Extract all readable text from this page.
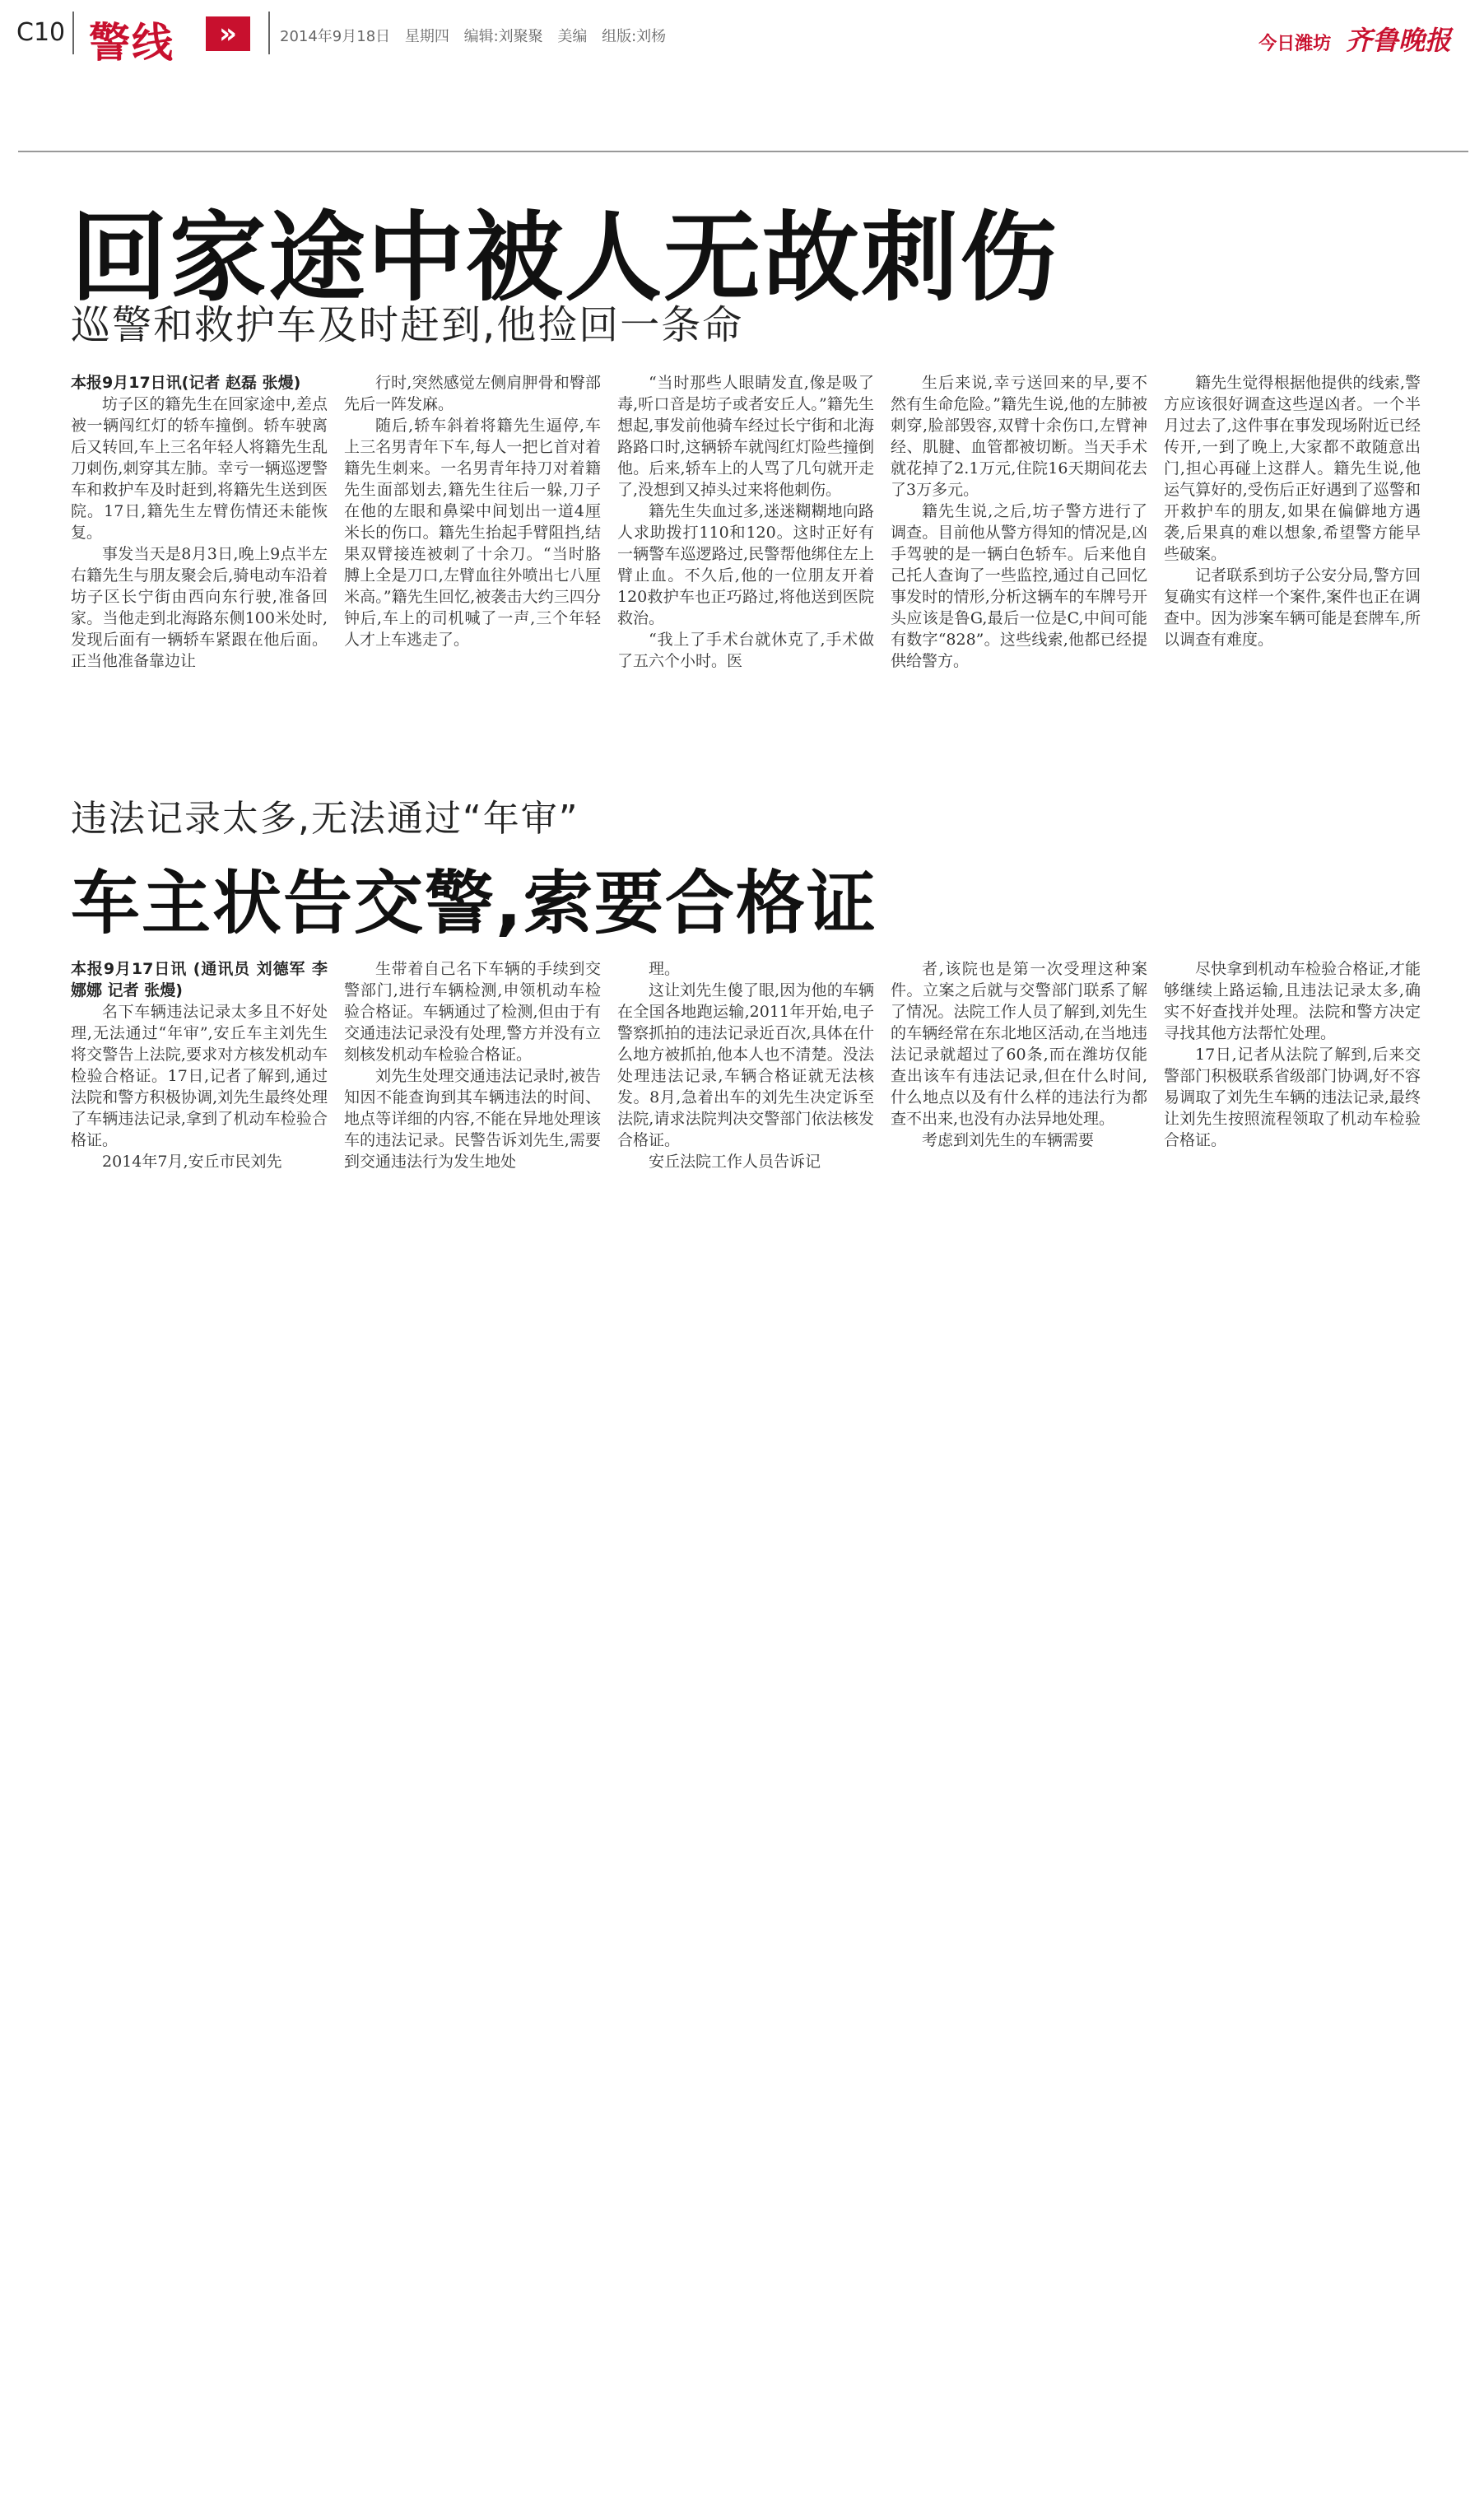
C10 警线	»	2014年9月18日 星期四 编辑:刘聚聚 美编 组版:刘杨	今日潍坊 齐鲁晚报
回家途中被人无故刺伤
巡警和救护车及时赶到,他捡回一条命
本报9月17日讯(记者 赵磊 张熳)

坊子区的籍先生在回家途中,差点被一辆闯红灯的轿车撞倒。轿车驶离后又转回,车上三名年轻人将籍先生乱刀刺伤,刺穿其左肺。幸亏一辆巡逻警车和救护车及时赶到,将籍先生送到医院。17日,籍先生左臂伤情还未能恢复。

事发当天是8月3日,晚上9点半左右籍先生与朋友聚会后,骑电动车沿着坊子区长宁街由西向东行驶,准备回家。当他走到北海路东侧100米处时,发现后面有一辆轿车紧跟在他后面。正当他准备靠边让

行时,突然感觉左侧肩胛骨和臀部先后一阵发麻。

随后,轿车斜着将籍先生逼停,车上三名男青年下车,每人一把匕首对着籍先生刺来。一名男青年持刀对着籍先生面部划去,籍先生往后一躲,刀子在他的左眼和鼻梁中间划出一道4厘米长的伤口。籍先生抬起手臂阻挡,结果双臂接连被刺了十余刀。“当时胳膊上全是刀口,左臂血往外喷出七八厘米高。”籍先生回忆,被袭击大约三四分钟后,车上的司机喊了一声,三个年轻人才上车逃走了。

“当时那些人眼睛发直,像是吸了毒,听口音是坊子或者安丘人。”籍先生想起,事发前他骑车经过长宁街和北海路路口时,这辆轿车就闯红灯险些撞倒他。后来,轿车上的人骂了几句就开走了,没想到又掉头过来将他刺伤。

籍先生失血过多,迷迷糊糊地向路人求助拨打110和120。这时正好有一辆警车巡逻路过,民警帮他绑住左上臂止血。不久后,他的一位朋友开着120救护车也正巧路过,将他送到医院救治。

“我上了手术台就休克了,手术做了五六个小时。医

生后来说,幸亏送回来的早,要不然有生命危险。”籍先生说,他的左肺被刺穿,脸部毁容,双臂十余伤口,左臂神经、肌腱、血管都被切断。当天手术就花掉了2.1万元,住院16天期间花去了3万多元。

籍先生说,之后,坊子警方进行了调查。目前他从警方得知的情况是,凶手驾驶的是一辆白色轿车。后来他自己托人查询了一些监控,通过自己回忆事发时的情形,分析这辆车的车牌号开头应该是鲁G,最后一位是C,中间可能有数字“828”。这些线索,他都已经提供给警方。

籍先生觉得根据他提供的线索,警方应该很好调查这些逞凶者。一个半月过去了,这件事在事发现场附近已经传开,一到了晚上,大家都不敢随意出门,担心再碰上这群人。籍先生说,他运气算好的,受伤后正好遇到了巡警和开救护车的朋友,如果在偏僻地方遇袭,后果真的难以想象,希望警方能早些破案。

记者联系到坊子公安分局,警方回复确实有这样一个案件,案件也正在调查中。因为涉案车辆可能是套牌车,所以调查有难度。

违法记录太多,无法通过“年审”
车主状告交警,索要合格证
本报9月17日讯 (通讯员 刘德军 李娜娜 记者 张熳)

名下车辆违法记录太多且不好处理,无法通过“年审”,安丘车主刘先生将交警告上法院,要求对方核发机动车检验合格证。17日,记者了解到,通过法院和警方积极协调,刘先生最终处理了车辆违法记录,拿到了机动车检验合格证。

2014年7月,安丘市民刘先

生带着自己名下车辆的手续到交警部门,进行车辆检测,申领机动车检验合格证。车辆通过了检测,但由于有交通违法记录没有处理,警方并没有立刻核发机动车检验合格证。

刘先生处理交通违法记录时,被告知因不能查询到其车辆违法的时间、地点等详细的内容,不能在异地处理该车的违法记录。民警告诉刘先生,需要到交通违法行为发生地处

理。

这让刘先生傻了眼,因为他的车辆在全国各地跑运输,2011年开始,电子警察抓拍的违法记录近百次,具体在什么地方被抓拍,他本人也不清楚。没法处理违法记录,车辆合格证就无法核发。8月,急着出车的刘先生决定诉至法院,请求法院判决交警部门依法核发合格证。

安丘法院工作人员告诉记

者,该院也是第一次受理这种案件。立案之后就与交警部门联系了解了情况。法院工作人员了解到,刘先生的车辆经常在东北地区活动,在当地违法记录就超过了60条,而在潍坊仅能查出该车有违法记录,但在什么时间,什么地点以及有什么样的违法行为都查不出来,也没有办法异地处理。

考虑到刘先生的车辆需要

尽快拿到机动车检验合格证,才能够继续上路运输,且违法记录太多,确实不好查找并处理。法院和警方决定寻找其他方法帮忙处理。

17日,记者从法院了解到,后来交警部门积极联系省级部门协调,好不容易调取了刘先生车辆的违法记录,最终让刘先生按照流程领取了机动车检验合格证。
